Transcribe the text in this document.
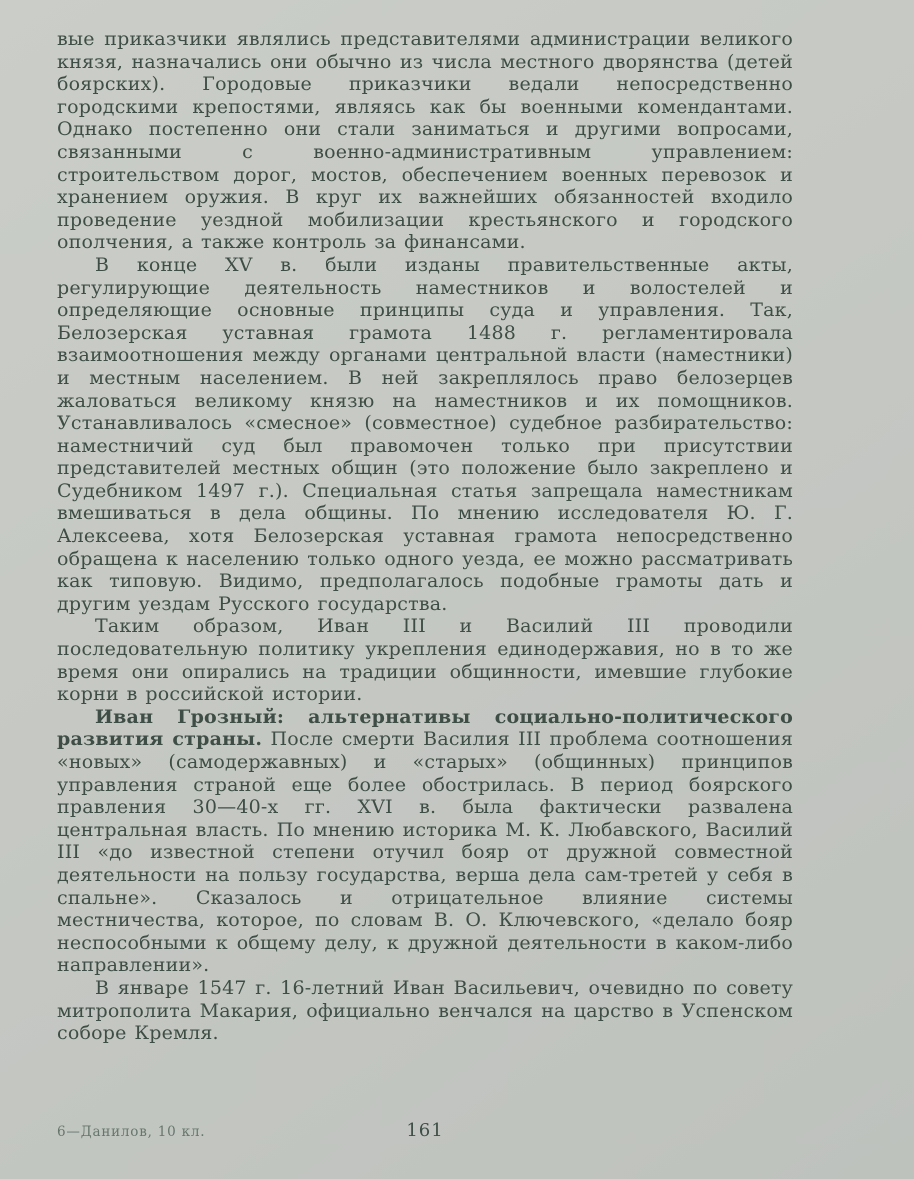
вые приказчики являлись представителями администрации великого князя, назначались они обычно из числа местного дворянства (детей боярских). Городовые приказчики ведали непосредственно городскими крепостями, являясь как бы военными комендантами. Однако постепенно они стали заниматься и другими вопросами, связанными с военно-административным управлением: строительством дорог, мостов, обеспечением военных перевозок и хранением оружия. В круг их важнейших обязанностей входило проведение уездной мобилизации крестьянского и городского ополчения, а также контроль за финансами.

В конце XV в. были изданы правительственные акты, регулирующие деятельность наместников и волостелей и определяющие основные принципы суда и управления. Так, Белозерская уставная грамота 1488 г. регламентировала взаимоотношения между органами центральной власти (наместники) и местным населением. В ней закреплялось право белозерцев жаловаться великому князю на наместников и их помощников. Устанавливалось «смесное» (совместное) судебное разбирательство: наместничий суд был правомочен только при присутствии представителей местных общин (это положение было закреплено и Судебником 1497 г.). Специальная статья запрещала наместникам вмешиваться в дела общины. По мнению исследователя Ю. Г. Алексеева, хотя Белозерская уставная грамота непосредственно обращена к населению только одного уезда, ее можно рассматривать как типовую. Видимо, предполагалось подобные грамоты дать и другим уездам Русского государства.

Таким образом, Иван III и Василий III проводили последовательную политику укрепления единодержавия, но в то же время они опирались на традиции общинности, имевшие глубокие корни в российской истории.

Иван Грозный: альтернативы социально-политического развития страны. После смерти Василия III проблема соотношения «новых» (самодержавных) и «старых» (общинных) принципов управления страной еще более обострилась. В период боярского правления 30—40-х гг. XVI в. была фактически развалена центральная власть. По мнению историка М. К. Любавского, Василий III «до известной степени отучил бояр от дружной совместной деятельности на пользу государства, верша дела сам-третей у себя в спальне». Сказалось и отрицательное влияние системы местничества, которое, по словам В. О. Ключевского, «делало бояр неспособными к общему делу, к дружной деятельности в каком-либо направлении».

В январе 1547 г. 16-летний Иван Васильевич, очевидно по совету митрополита Макария, официально венчался на царство в Успенском соборе Кремля.

6—Данилов, 10 кл.	161
